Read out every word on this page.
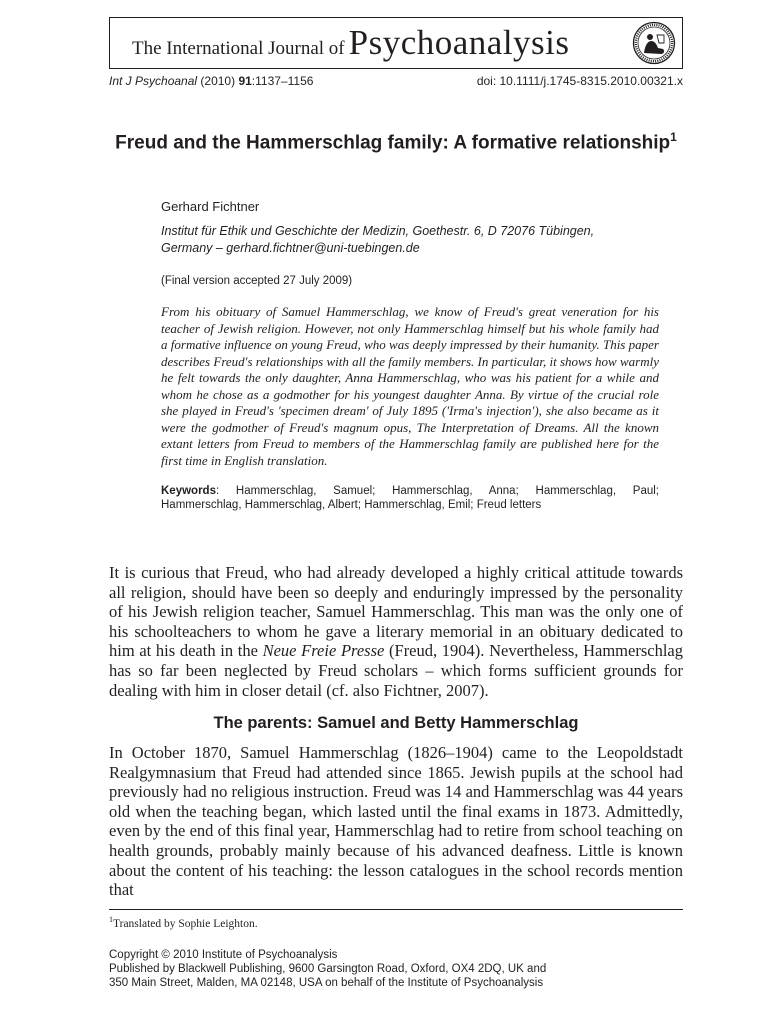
The International Journal of Psychoanalysis
Int J Psychoanal (2010) 91:1137–1156	doi: 10.1111/j.1745-8315.2010.00321.x
Freud and the Hammerschlag family: A formative relationship$^1$
Gerhard Fichtner
Institut für Ethik und Geschichte der Medizin, Goethestr. 6, D 72076 Tübingen,
Germany – gerhard.fichtner@uni-tuebingen.de
(Final version accepted 27 July 2009)
From his obituary of Samuel Hammerschlag, we know of Freud's great veneration for his teacher of Jewish religion. However, not only Hammerschlag himself but his whole family had a formative influence on young Freud, who was deeply impressed by their humanity. This paper describes Freud's relationships with all the family members. In particular, it shows how warmly he felt towards the only daughter, Anna Hammerschlag, who was his patient for a while and whom he chose as a godmother for his youngest daughter Anna. By virtue of the crucial role she played in Freud's 'specimen dream' of July 1895 ('Irma's injection'), she also became as it were the godmother of Freud's magnum opus, The Interpretation of Dreams. All the known extant letters from Freud to members of the Hammerschlag family are published here for the first time in English translation.
Keywords: Hammerschlag, Samuel; Hammerschlag, Anna; Hammerschlag, Paul; Hammerschlag, Hammerschlag, Albert; Hammerschlag, Emil; Freud letters
It is curious that Freud, who had already developed a highly critical attitude towards all religion, should have been so deeply and enduringly impressed by the personality of his Jewish religion teacher, Samuel Hammerschlag. This man was the only one of his schoolteachers to whom he gave a literary memorial in an obituary dedicated to him at his death in the Neue Freie Presse (Freud, 1904). Nevertheless, Hammerschlag has so far been neglected by Freud scholars – which forms sufficient grounds for dealing with him in closer detail (cf. also Fichtner, 2007).
The parents: Samuel and Betty Hammerschlag
In October 1870, Samuel Hammerschlag (1826–1904) came to the Leopoldstadt Realgymnasium that Freud had attended since 1865. Jewish pupils at the school had previously had no religious instruction. Freud was 14 and Hammerschlag was 44 years old when the teaching began, which lasted until the final exams in 1873. Admittedly, even by the end of this final year, Hammerschlag had to retire from school teaching on health grounds, probably mainly because of his advanced deafness. Little is known about the content of his teaching: the lesson catalogues in the school records mention that
$^1$Translated by Sophie Leighton.
Copyright © 2010 Institute of Psychoanalysis
Published by Blackwell Publishing, 9600 Garsington Road, Oxford, OX4 2DQ, UK and
350 Main Street, Malden, MA 02148, USA on behalf of the Institute of Psychoanalysis
